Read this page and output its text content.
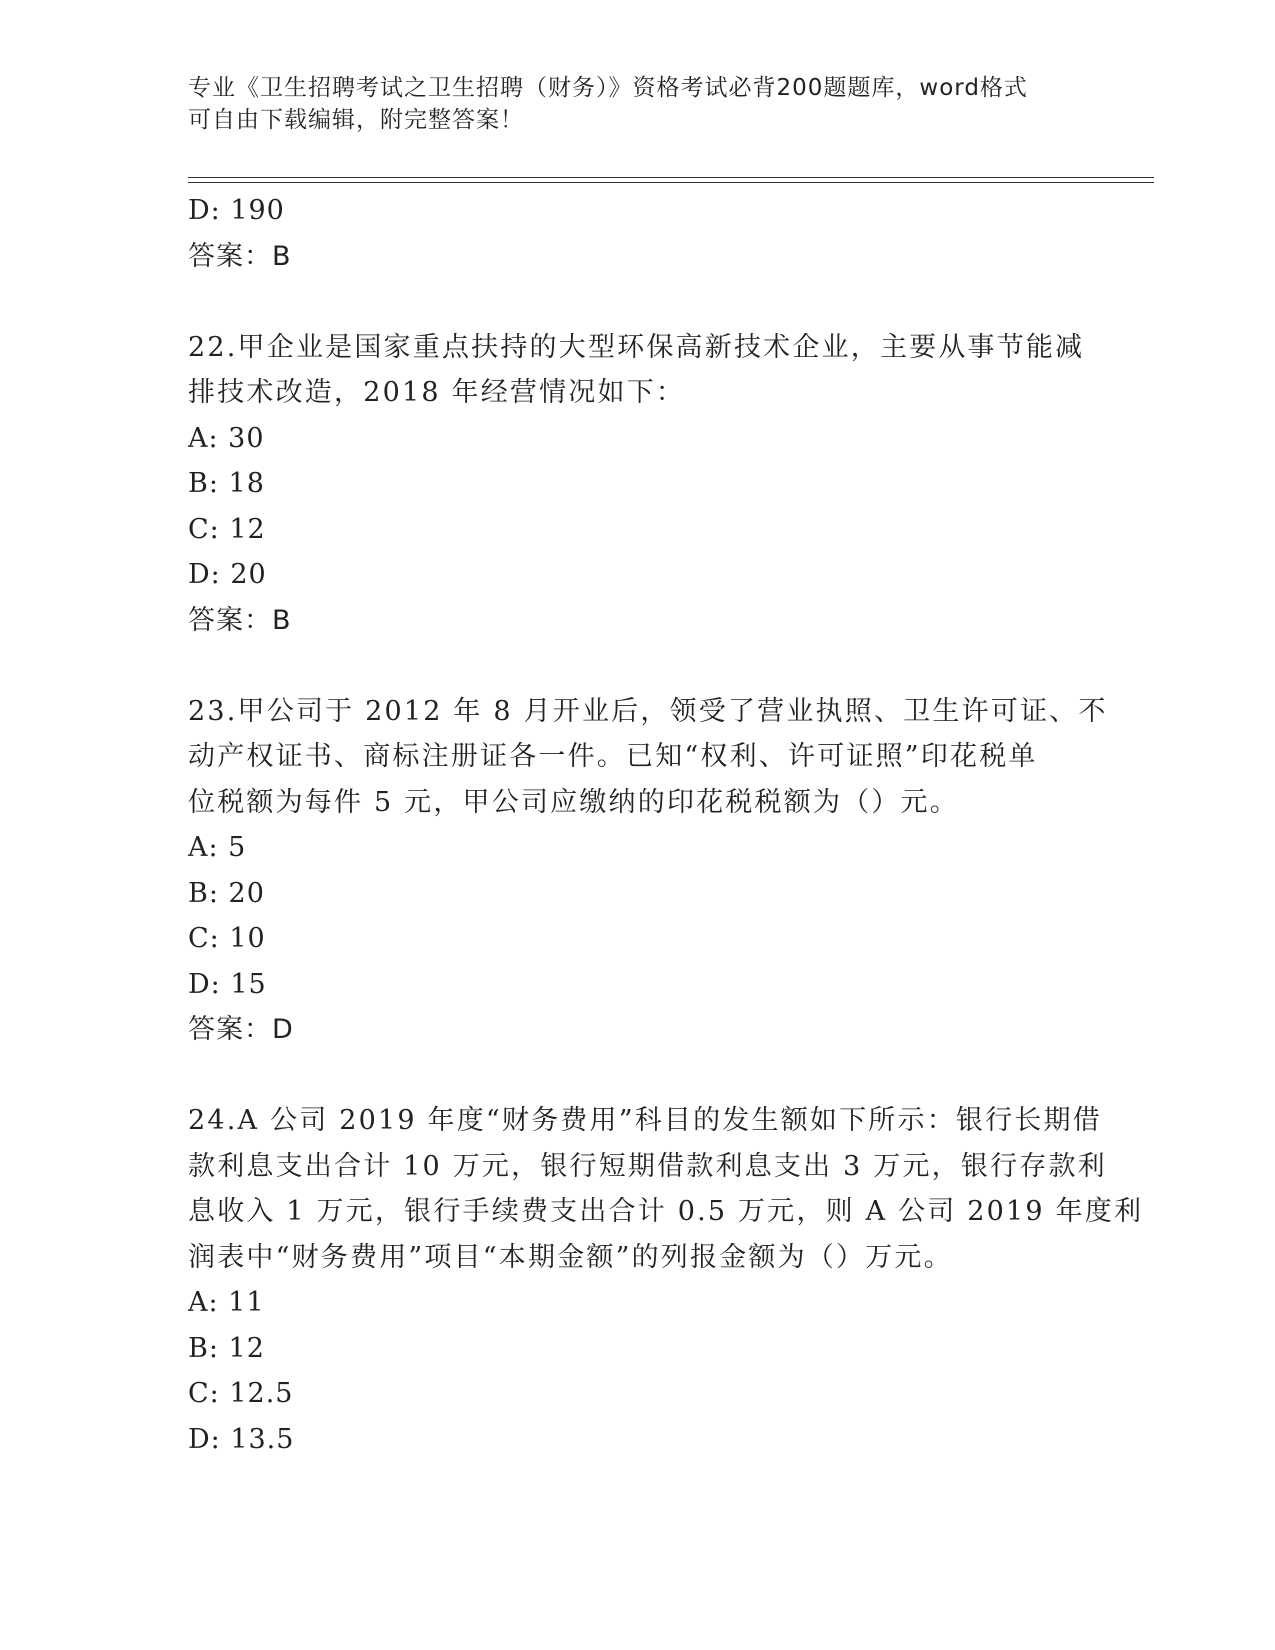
专业《卫生招聘考试之卫生招聘（财务）》资格考试必背200题题库，word格式
可自由下载编辑，附完整答案！
D: 190
答案：B
22.甲企业是国家重点扶持的大型环保高新技术企业，主要从事节能减
排技术改造，2018 年经营情况如下：
A: 30
B: 18
C: 12
D: 20
答案：B
23.甲公司于 2012 年 8 月开业后，领受了营业执照、卫生许可证、不
动产权证书、商标注册证各一件。已知“权利、许可证照”印花税单
位税额为每件 5 元，甲公司应缴纳的印花税税额为（）元。
A: 5
B: 20
C: 10
D: 15
答案：D
24.A 公司 2019 年度“财务费用”科目的发生额如下所示：银行长期借
款利息支出合计 10 万元，银行短期借款利息支出 3 万元，银行存款利
息收入 1 万元，银行手续费支出合计 0.5 万元，则 A 公司 2019 年度利
润表中“财务费用”项目“本期金额”的列报金额为（）万元。
A: 11
B: 12
C: 12.5
D: 13.5
